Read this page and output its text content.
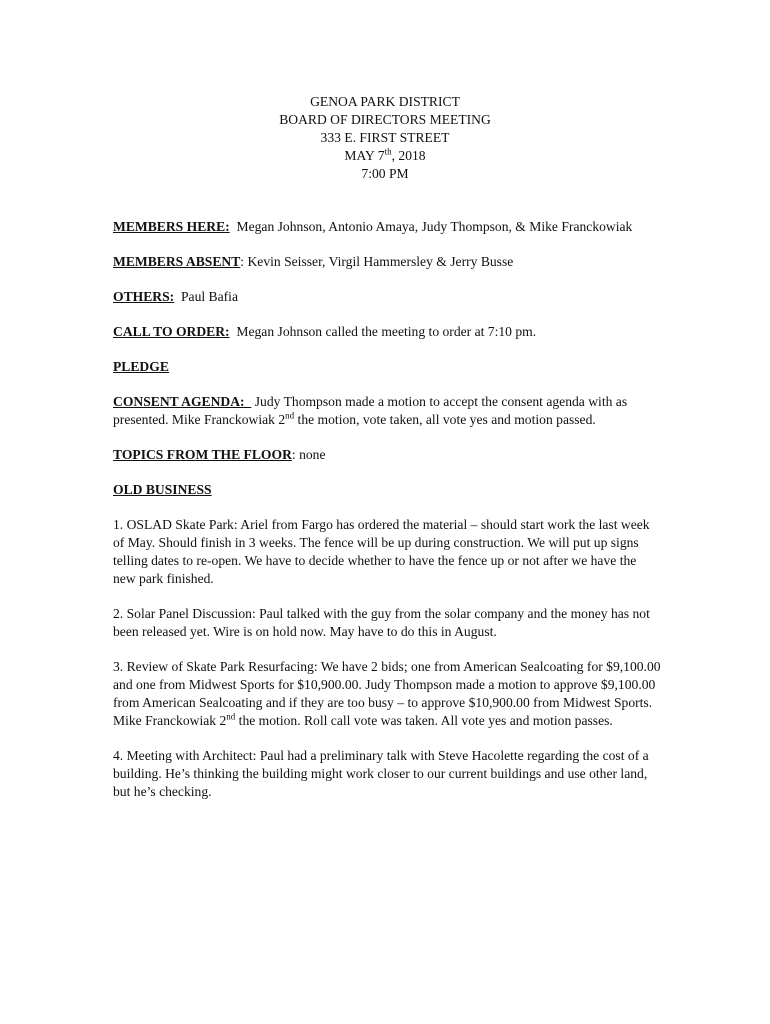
GENOA PARK DISTRICT
BOARD OF DIRECTORS MEETING
333 E. FIRST STREET
MAY 7th, 2018
7:00 PM

MEMBERS HERE:  Megan Johnson, Antonio Amaya, Judy Thompson, & Mike Franckowiak

MEMBERS ABSENT: Kevin Seisser, Virgil Hammersley & Jerry Busse

OTHERS:  Paul Bafia

CALL TO ORDER:  Megan Johnson called the meeting to order at 7:10 pm.

PLEDGE

CONSENT AGENDA:   Judy Thompson made a motion to accept the consent agenda with as presented. Mike Franckowiak 2nd the motion, vote taken, all vote yes and motion passed.

TOPICS FROM THE FLOOR: none

OLD BUSINESS

1. OSLAD Skate Park: Ariel from Fargo has ordered the material – should start work the last week of May. Should finish in 3 weeks. The fence will be up during construction. We will put up signs telling dates to re-open. We have to decide whether to have the fence up or not after we have the new park finished.

2. Solar Panel Discussion: Paul talked with the guy from the solar company and the money has not been released yet. Wire is on hold now. May have to do this in August.

3. Review of Skate Park Resurfacing: We have 2 bids; one from American Sealcoating for $9,100.00 and one from Midwest Sports for $10,900.00. Judy Thompson made a motion to approve $9,100.00 from American Sealcoating and if they are too busy – to approve $10,900.00 from Midwest Sports. Mike Franckowiak 2nd the motion. Roll call vote was taken. All vote yes and motion passes.

4. Meeting with Architect: Paul had a preliminary talk with Steve Hacolette regarding the cost of a building. He’s thinking the building might work closer to our current buildings and use other land, but he’s checking.
